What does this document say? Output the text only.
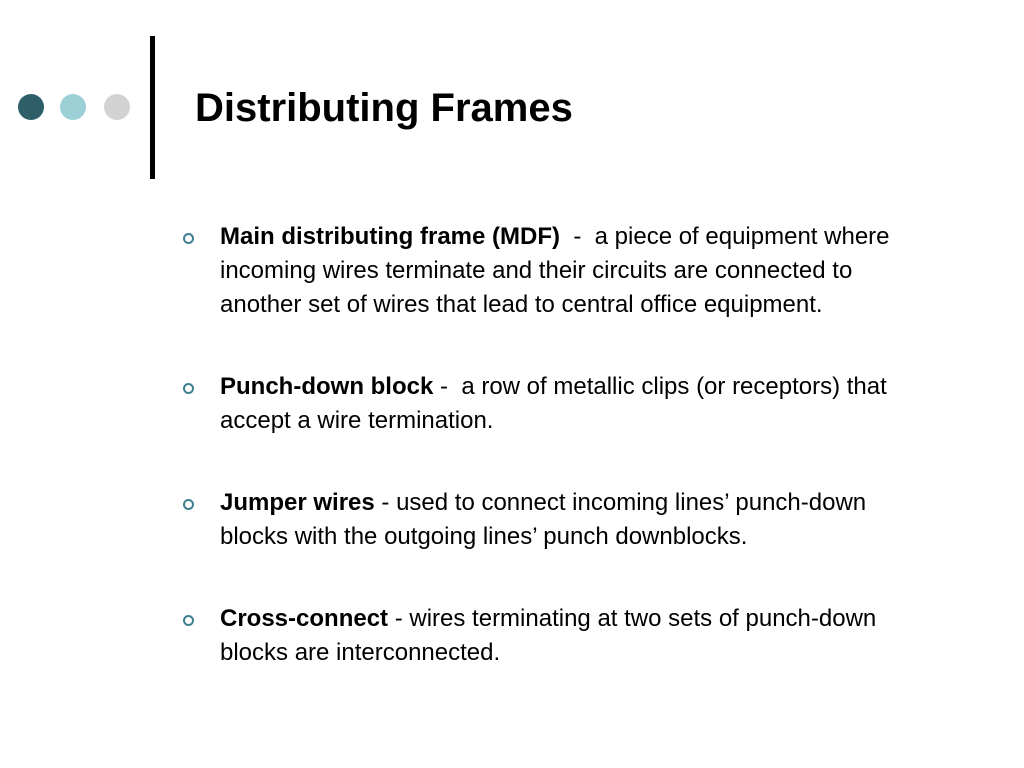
Distributing Frames
Main distributing frame (MDF)  -  a piece of equipment where incoming wires terminate and their circuits are connected to another set of wires that lead to central office equipment.
Punch-down block -  a row of metallic clips (or receptors) that accept a wire termination.
Jumper wires - used to connect incoming lines’ punch-down blocks with the outgoing lines’ punch downblocks.
Cross-connect - wires terminating at two sets of punch-down blocks are interconnected.
